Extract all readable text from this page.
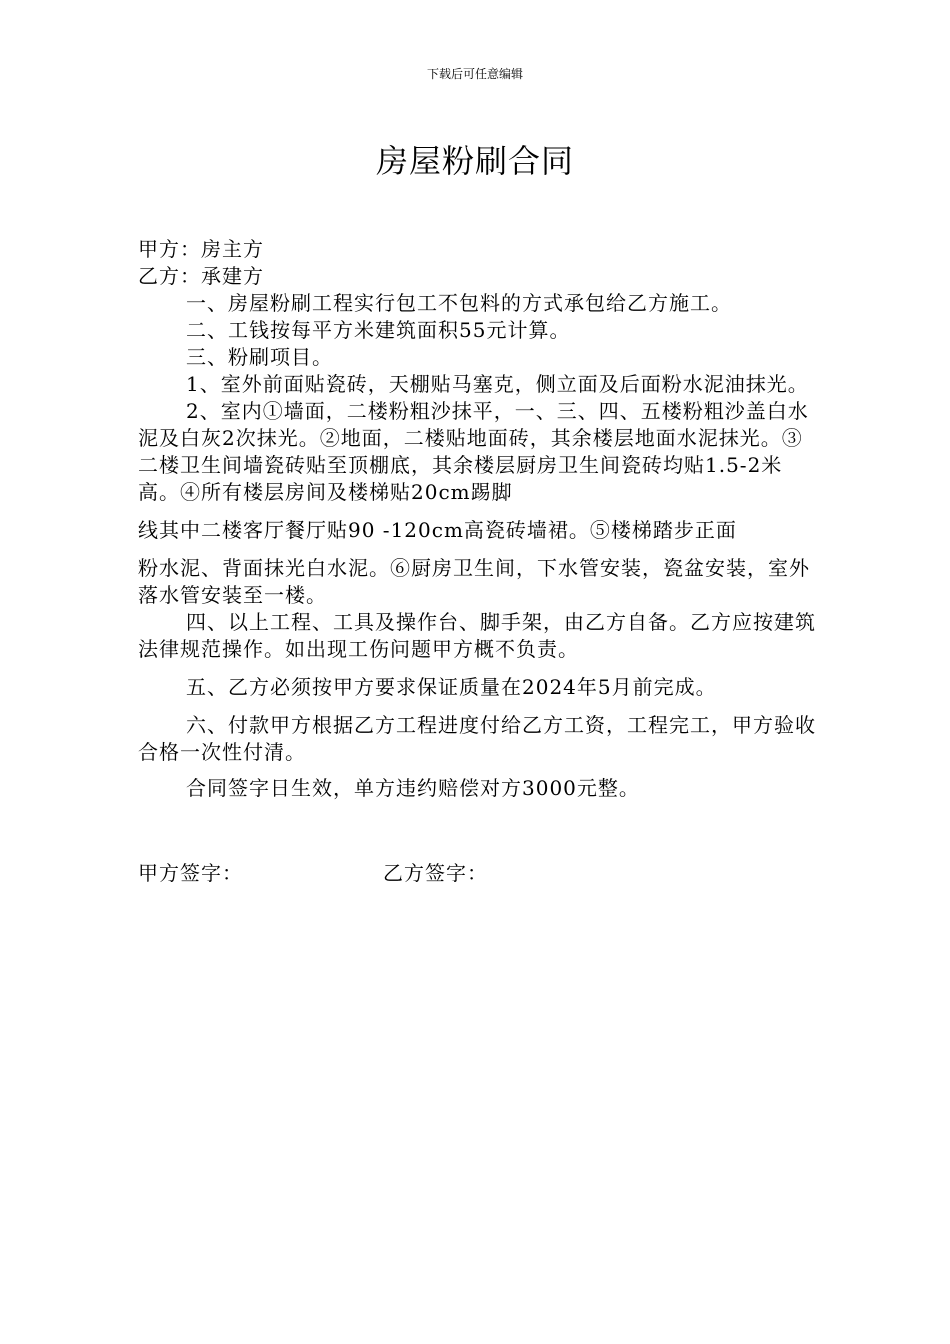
下载后可任意编辑
房屋粉刷合同

甲方：房主方

乙方：承建方

一、房屋粉刷工程实行包工不包料的方式承包给乙方施工。

二、工钱按每平方米建筑面积55元计算。

三、粉刷项目。

1、室外前面贴瓷砖，天棚贴马塞克，侧立面及后面粉水泥油抹光。

2、室内①墙面，二楼粉粗沙抹平，一、三、四、五楼粉粗沙盖白水泥及白灰2次抹光。②地面，二楼贴地面砖，其余楼层地面水泥抹光。③二楼卫生间墙瓷砖贴至顶棚底，其余楼层厨房卫生间瓷砖均贴1.5-2米高。④所有楼层房间及楼梯贴20cm踢脚

线其中二楼客厅餐厅贴90 -120cm高瓷砖墙裙。⑤楼梯踏步正面

粉水泥、背面抹光白水泥。⑥厨房卫生间，下水管安装，瓷盆安装，室外落水管安装至一楼。

四、以上工程、工具及操作台、脚手架，由乙方自备。乙方应按建筑法律规范操作。如出现工伤问题甲方概不负责。

五、乙方必须按甲方要求保证质量在2024年5月前完成。

六、付款甲方根据乙方工程进度付给乙方工资，工程完工，甲方验收合格一次性付清。

合同签字日生效，单方违约赔偿对方3000元整。

甲方签字：	乙方签字：
